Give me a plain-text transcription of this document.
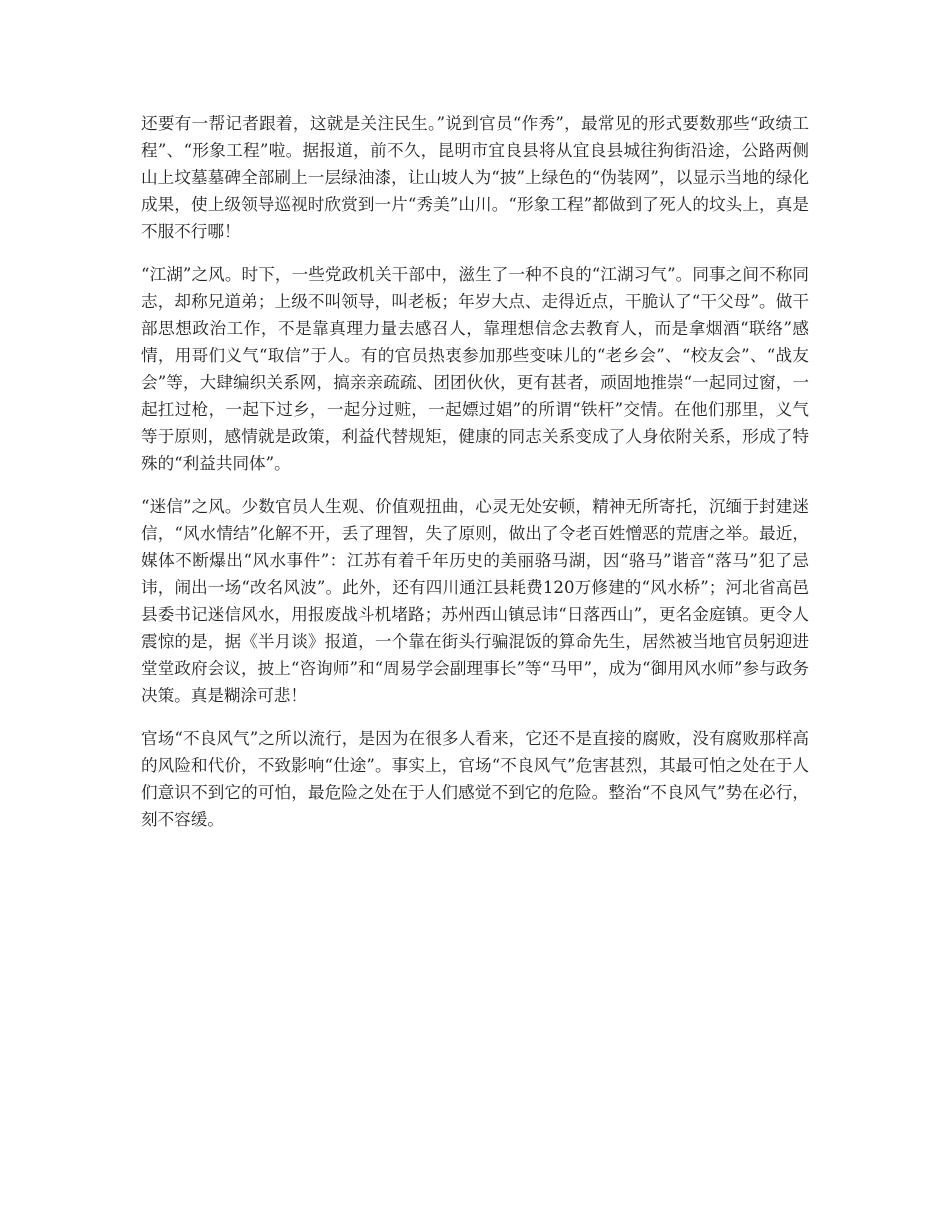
还要有一帮记者跟着，这就是关注民生。”说到官员“作秀”，最常见的形式要数那些“政绩工程”、“形象工程”啦。据报道，前不久，昆明市宜良县将从宜良县城往狗街沿途，公路两侧山上坟墓墓碑全部刷上一层绿油漆，让山坡人为“披”上绿色的“伪装网”，以显示当地的绿化成果，使上级领导巡视时欣赏到一片“秀美”山川。“形象工程”都做到了死人的坟头上，真是不服不行哪！

“江湖”之风。时下，一些党政机关干部中，滋生了一种不良的“江湖习气”。同事之间不称同志，却称兄道弟；上级不叫领导，叫老板；年岁大点、走得近点，干脆认了“干父母”。做干部思想政治工作，不是靠真理力量去感召人，靠理想信念去教育人，而是拿烟酒“联络”感情，用哥们义气“取信”于人。有的官员热衷参加那些变味儿的“老乡会”、“校友会”、“战友会”等，大肆编织关系网，搞亲亲疏疏、团团伙伙，更有甚者，顽固地推崇“一起同过窗，一起扛过枪，一起下过乡，一起分过赃，一起嫖过娼”的所谓“铁杆”交情。在他们那里，义气等于原则，感情就是政策，利益代替规矩，健康的同志关系变成了人身依附关系，形成了特殊的“利益共同体”。

“迷信”之风。少数官员人生观、价值观扭曲，心灵无处安顿，精神无所寄托，沉缅于封建迷信，“风水情结”化解不开，丢了理智，失了原则，做出了令老百姓憎恶的荒唐之举。最近，媒体不断爆出“风水事件”：江苏有着千年历史的美丽骆马湖，因“骆马”谐音“落马”犯了忌讳，闹出一场“改名风波”。此外，还有四川通江县耗费120万修建的“风水桥”；河北省高邑县委书记迷信风水，用报废战斗机堵路；苏州西山镇忌讳“日落西山”，更名金庭镇。更令人震惊的是，据《半月谈》报道，一个靠在街头行骗混饭的算命先生，居然被当地官员躬迎进堂堂政府会议，披上“咨询师”和“周易学会副理事长”等“马甲”，成为“御用风水师”参与政务决策。真是糊涂可悲！

官场“不良风气”之所以流行，是因为在很多人看来，它还不是直接的腐败，没有腐败那样高的风险和代价，不致影响“仕途”。事实上，官场“不良风气”危害甚烈，其最可怕之处在于人们意识不到它的可怕，最危险之处在于人们感觉不到它的危险。整治“不良风气”势在必行，刻不容缓。
